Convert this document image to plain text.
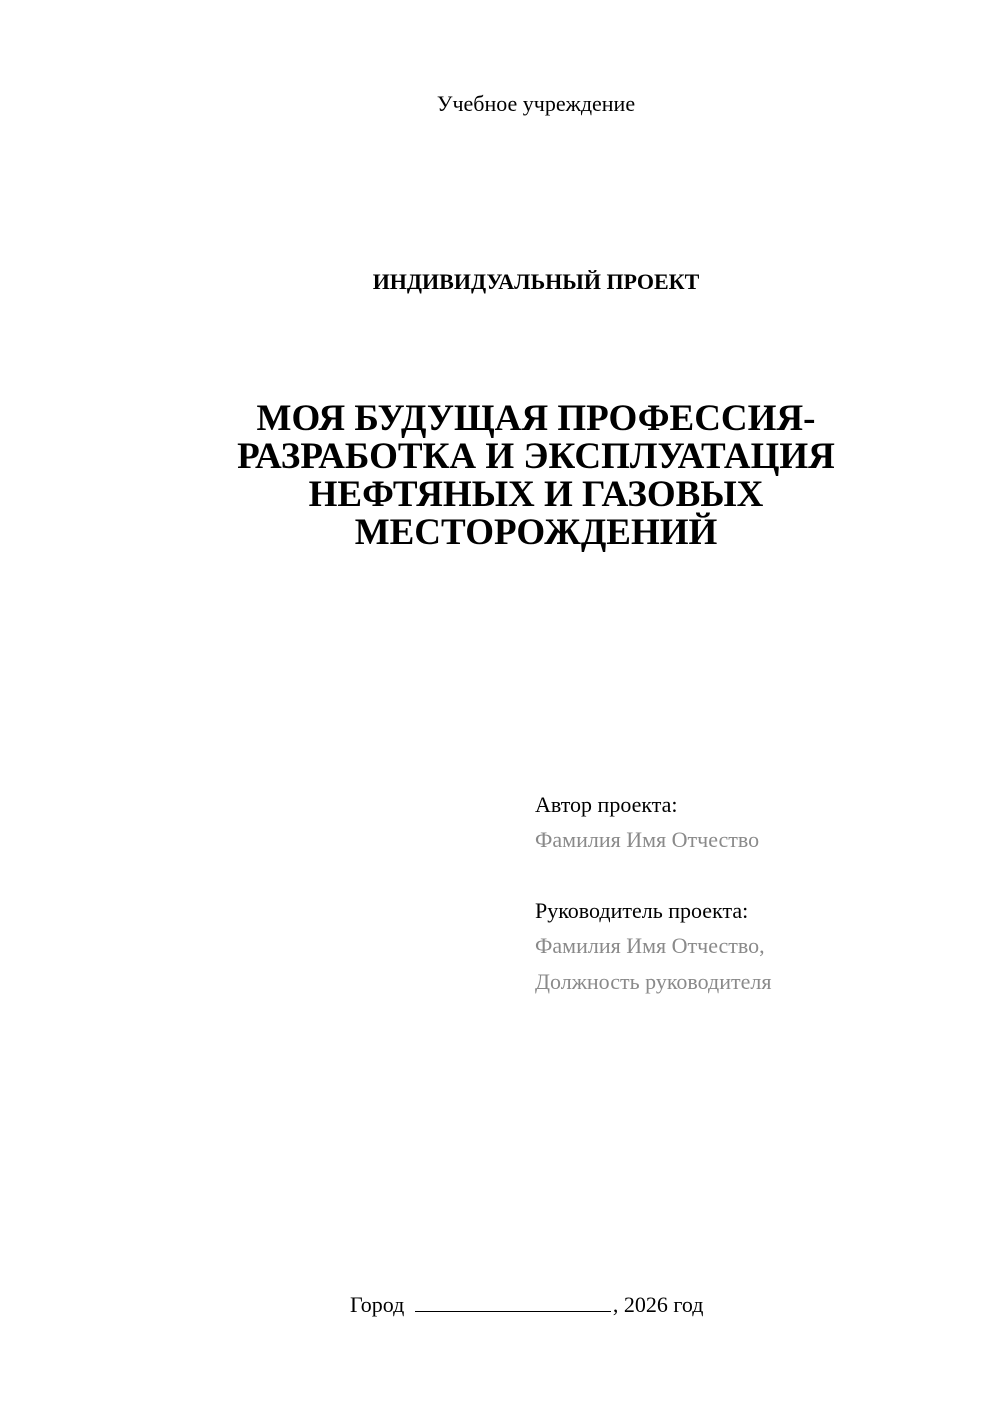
Учебное учреждение
ИНДИВИДУАЛЬНЫЙ ПРОЕКТ
МОЯ БУДУЩАЯ ПРОФЕССИЯ-
РАЗРАБОТКА И ЭКСПЛУАТАЦИЯ
НЕФТЯНЫХ И ГАЗОВЫХ
МЕСТОРОЖДЕНИЙ
Автор проекта:
Фамилия Имя Отчество
Руководитель проекта:
Фамилия Имя Отчество,
Должность руководителя
Город	, 2026 год
